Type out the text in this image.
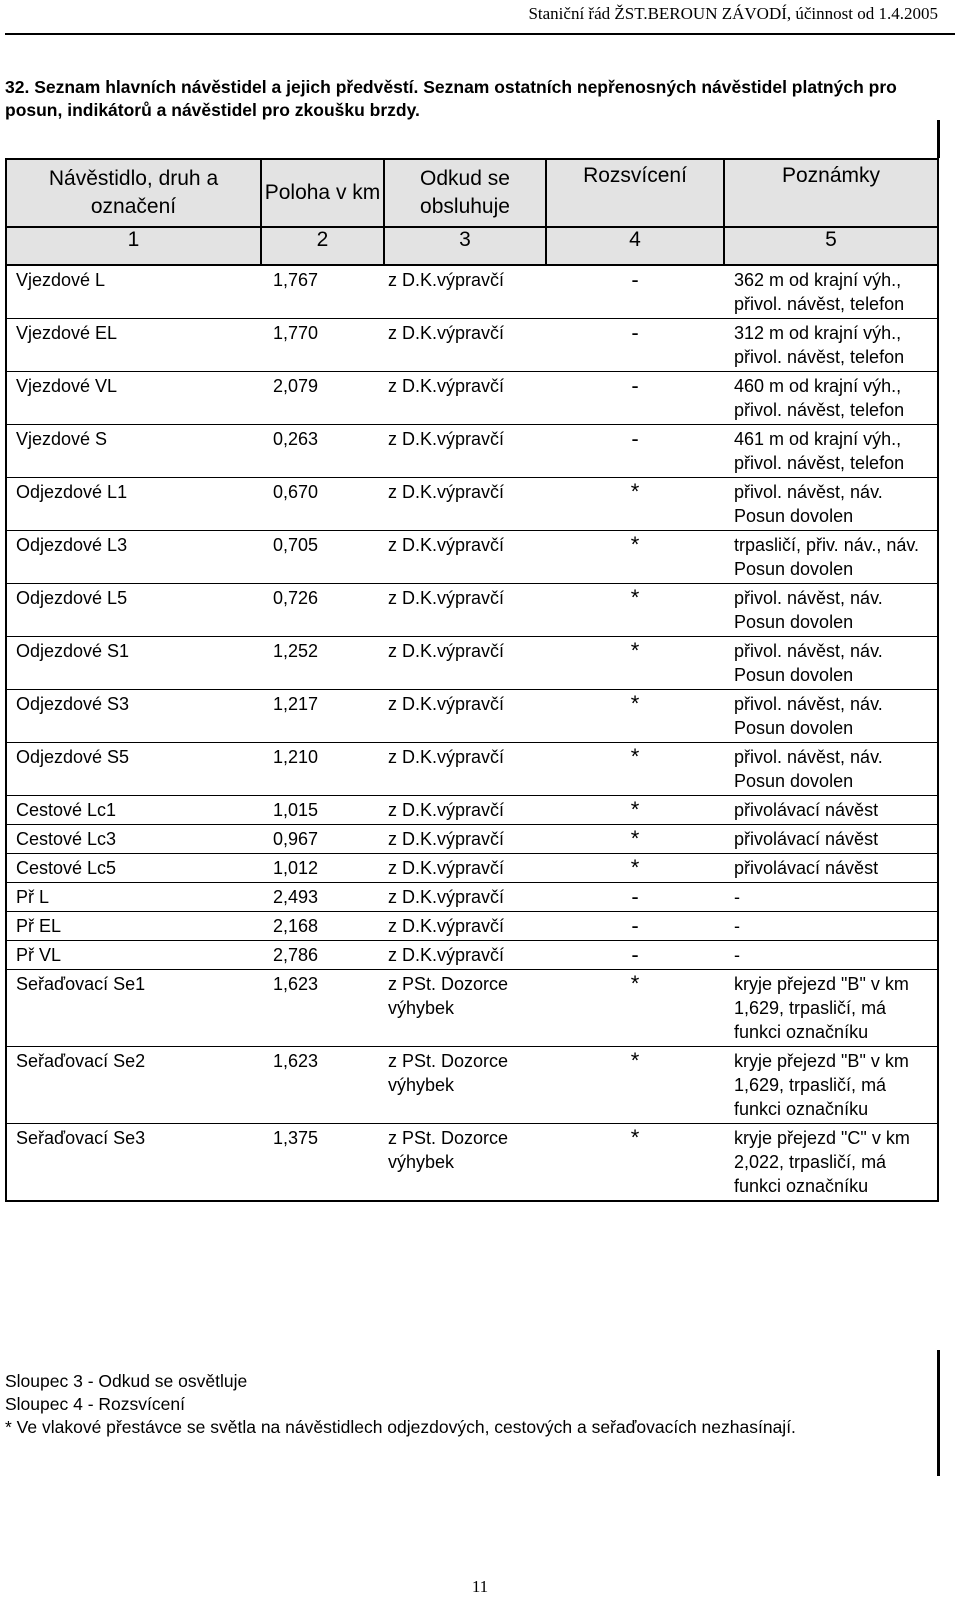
Staniční řád ŽST.BEROUN ZÁVODÍ, účinnost od 1.4.2005
32. Seznam hlavních návěstidel a jejich předvěstí. Seznam ostatních nepřenosných návěstidel platných pro posun, indikátorů a návěstidel pro zkoušku brzdy.
Návěstidlo, druh a označení	Poloha v km	Odkud se obsluhuje	Rozsvícení	Poznámky
1	2	3	4	5
Vjezdové L	1,767	z D.K.výpravčí	-	362 m od krajní výh., přivol. návěst, telefon
Vjezdové EL	1,770	z D.K.výpravčí	-	312 m od krajní výh., přivol. návěst, telefon
Vjezdové VL	2,079	z D.K.výpravčí	-	460 m od krajní výh., přivol. návěst, telefon
Vjezdové S	0,263	z D.K.výpravčí	-	461 m od krajní výh., přivol. návěst, telefon
Odjezdové L1	0,670	z D.K.výpravčí	*	přivol. návěst, náv. Posun dovolen
Odjezdové L3	0,705	z D.K.výpravčí	*	trpasličí, přiv. náv., náv. Posun dovolen
Odjezdové L5	0,726	z D.K.výpravčí	*	přivol. návěst, náv. Posun dovolen
Odjezdové S1	1,252	z D.K.výpravčí	*	přivol. návěst, náv. Posun dovolen
Odjezdové S3	1,217	z D.K.výpravčí	*	přivol. návěst, náv. Posun dovolen
Odjezdové S5	1,210	z D.K.výpravčí	*	přivol. návěst, náv. Posun dovolen
Cestové Lc1	1,015	z D.K.výpravčí	*	přivolávací návěst
Cestové Lc3	0,967	z D.K.výpravčí	*	přivolávací návěst
Cestové Lc5	1,012	z D.K.výpravčí	*	přivolávací návěst
Př L	2,493	z D.K.výpravčí	-	-
Př EL	2,168	z D.K.výpravčí	-	-
Př VL	2,786	z D.K.výpravčí	-	-
Seřaďovací Se1	1,623	z PSt. Dozorce výhybek	*	kryje přejezd "B" v km 1,629, trpasličí, má funkci označníku
Seřaďovací Se2	1,623	z PSt. Dozorce výhybek	*	kryje přejezd "B" v km 1,629, trpasličí, má funkci označníku
Seřaďovací Se3	1,375	z PSt. Dozorce výhybek	*	kryje přejezd "C" v km 2,022, trpasličí, má funkci označníku
Sloupec 3 - Odkud se osvětluje
Sloupec 4 - Rozsvícení
* Ve vlakové přestávce se světla na návěstidlech odjezdových, cestových a seřaďovacích nezhasínají.
11
